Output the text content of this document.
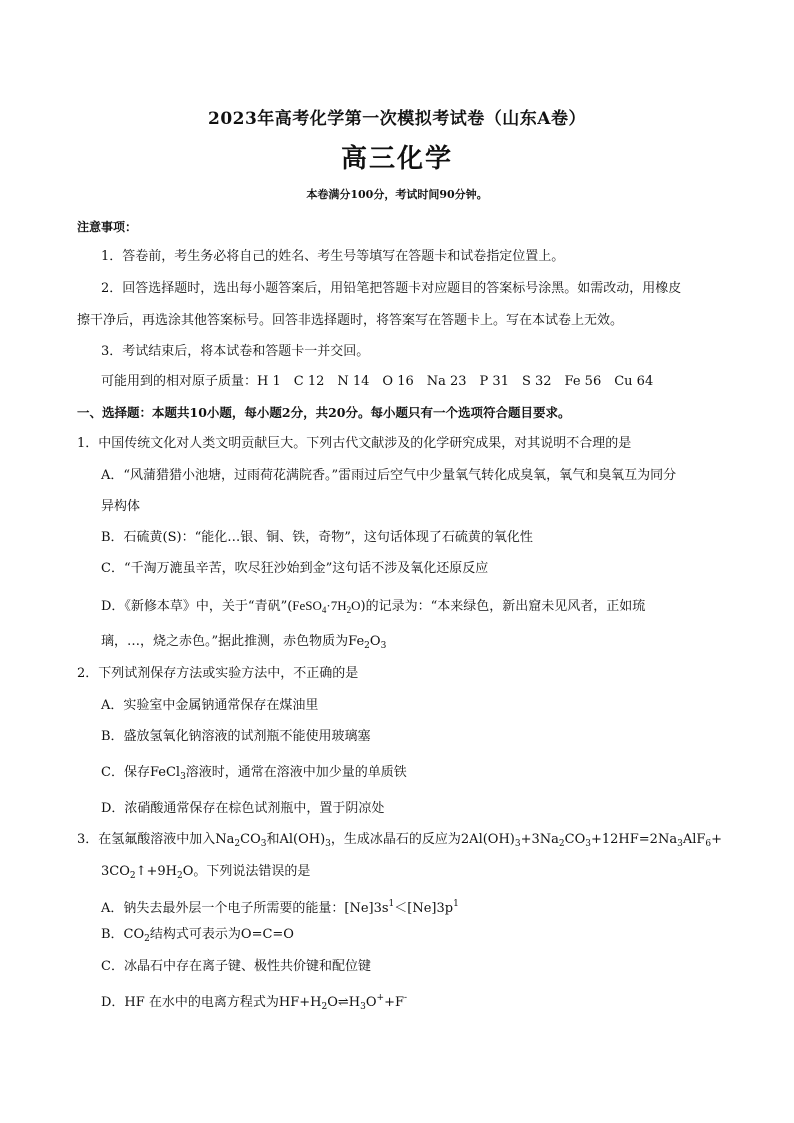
2023年高考化学第一次模拟考试卷（山东A卷）
高三化学
本卷满分100分，考试时间90分钟。
注意事项：
1．答卷前，考生务必将自己的姓名、考生号等填写在答题卡和试卷指定位置上。
2．回答选择题时，选出每小题答案后，用铅笔把答题卡对应题目的答案标号涂黑。如需改动，用橡皮
擦干净后，再选涂其他答案标号。回答非选择题时，将答案写在答题卡上。写在本试卷上无效。
3．考试结束后，将本试卷和答题卡一并交回。
可能用到的相对原子质量：H 1　C 12　N 14　O 16　Na 23　P 31　S 32　Fe 56　Cu 64
一、选择题：本题共10小题，每小题2分，共20分。每小题只有一个选项符合题目要求。
1．中国传统文化对人类文明贡献巨大。下列古代文献涉及的化学研究成果，对其说明不合理的是
A．“风蒲猎猎小池塘，过雨荷花满院香。”雷雨过后空气中少量氧气转化成臭氧，氧气和臭氧互为同分
异构体
B．石硫黄(S)：“能化…银、铜、铁，奇物”，这句话体现了石硫黄的氧化性
C．“千淘万漉虽辛苦，吹尽狂沙始到金”这句话不涉及氧化还原反应
D．《新修本草》中，关于“青矾$”(FeSO_4\cdot 7H_2O)$的记录为：“本来绿色，新出窟未见风者，正如琉
璃，…，烧之赤色。”据此推测，赤色物质为$Fe_2O_3$
2．下列试剂保存方法或实验方法中，不正确的是
A．实验室中金属钠通常保存在煤油里
B．盛放氢氧化钠溶液的试剂瓶不能使用玻璃塞
C．保存FeCl$_3$溶液时，通常在溶液中加少量的单质铁
D．浓硝酸通常保存在棕色试剂瓶中，置于阴凉处
3．在氢氟酸溶液中加入$Na_2CO_3$和$Al(OH)_3$，生成冰晶石的反应为$2Al(OH)_3+3Na_2CO_3+12HF=2Na_3AlF_6+$
$3CO_2↑+9H_2O$。下列说法错误的是
A．钠失去最外层一个电子所需要的能量：$[Ne]3s^1<[Ne]3p^1$
B．$CO_2$结构式可表示为O=C=O
C．冰晶石中存在离子键、极性共价键和配位键
D．HF 在水中的电离方程式为$HF+H_2O\rightleftharpoons H_3O^++F^-$
